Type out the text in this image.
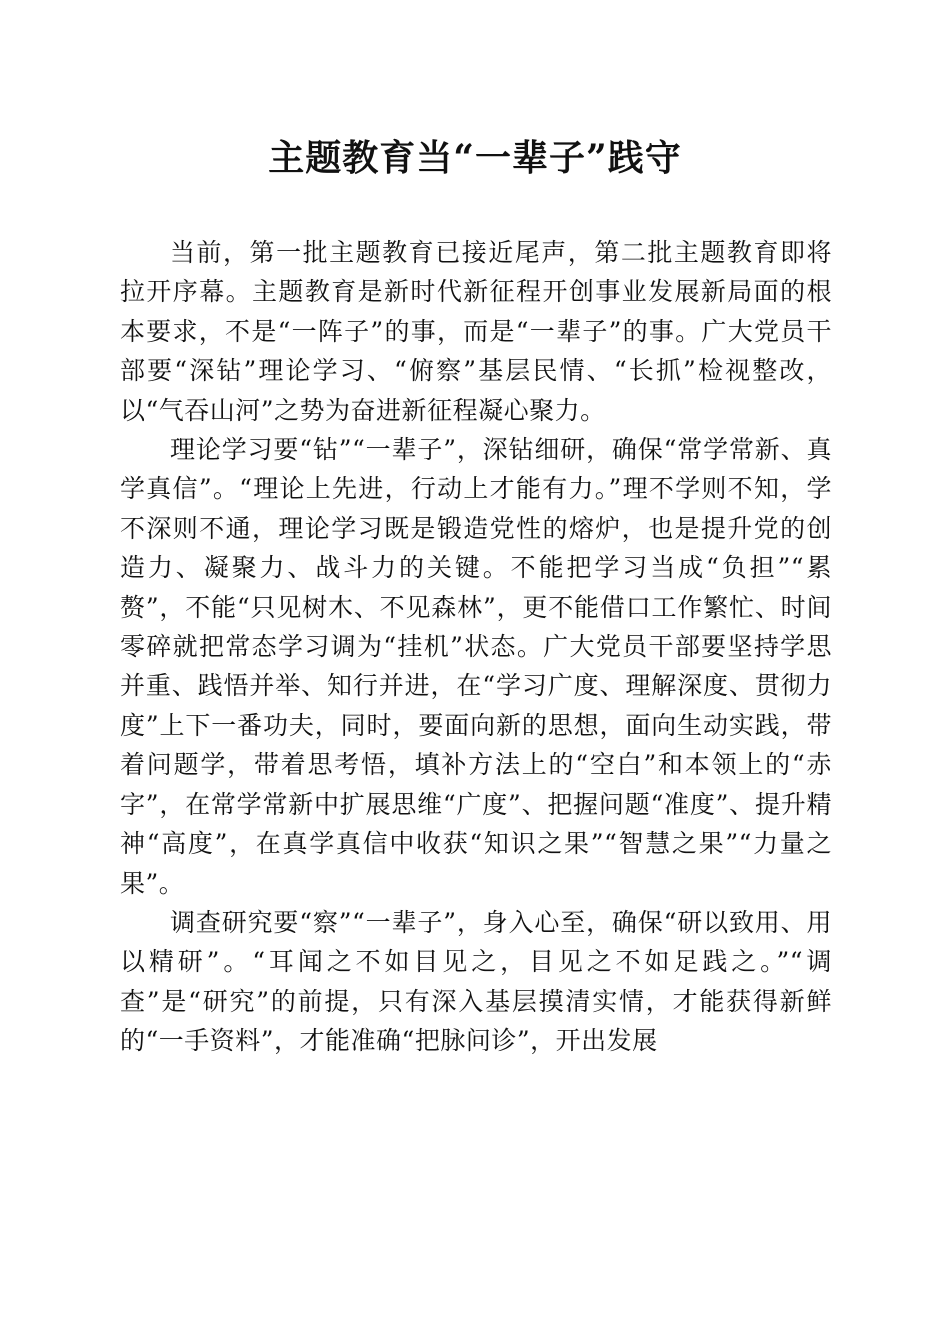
主题教育当“一辈子”践守

当前，第一批主题教育已接近尾声，第二批主题教育即将拉开序幕。主题教育是新时代新征程开创事业发展新局面的根本要求，不是“一阵子”的事，而是“一辈子”的事。广大党员干部要“深钻”理论学习、“俯察”基层民情、“长抓”检视整改，以“气吞山河”之势为奋进新征程凝心聚力。

理论学习要“钻”“一辈子”，深钻细研，确保“常学常新、真学真信”。“理论上先进，行动上才能有力。”理不学则不知，学不深则不通，理论学习既是锻造党性的熔炉，也是提升党的创造力、凝聚力、战斗力的关键。不能把学习当成“负担”“累赘”，不能“只见树木、不见森林”，更不能借口工作繁忙、时间零碎就把常态学习调为“挂机”状态。广大党员干部要坚持学思并重、践悟并举、知行并进，在“学习广度、理解深度、贯彻力度”上下一番功夫，同时，要面向新的思想，面向生动实践，带着问题学，带着思考悟，填补方法上的“空白”和本领上的“赤字”，在常学常新中扩展思维“广度”、把握问题“准度”、提升精神“高度”，在真学真信中收获“知识之果”“智慧之果”“力量之果”。

调查研究要“察”“一辈子”，身入心至，确保“研以致用、用以精研”。“耳闻之不如目见之，目见之不如足践之。”“调查”是“研究”的前提，只有深入基层摸清实情，才能获得新鲜的“一手资料”，才能准确“把脉问诊”，开出发展
